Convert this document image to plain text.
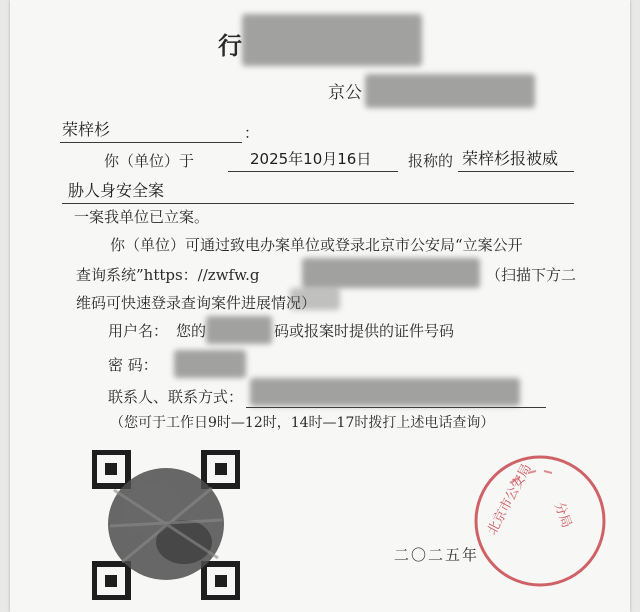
行
京公
荣梓杉	：
你（单位）于	2025年10月16日 报称的 荣梓杉报被威
胁人身安全案
一案我单位已立案。
你（单位）可通过致电办案单位或登录北京市公安局“立案公开
查询系统”https：//zwfw.g	（扫描下方二
维码可快速登录查询案件进展情况）
用户名： 您的	码或报案时提供的证件号码
密 码：
联系人、联系方式：
（您可于工作日9时—12时，14时—17时拨打上述电话查询）
北京市公安局 分局
二〇二五年
